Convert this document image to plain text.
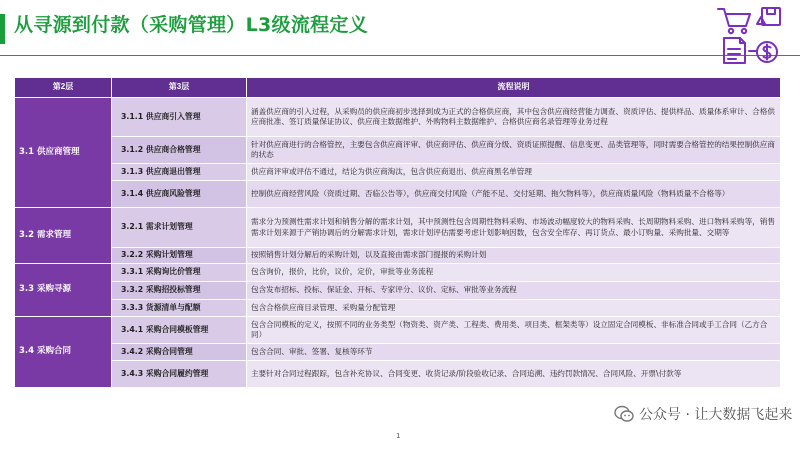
从寻源到付款（采购管理）L3级流程定义
第2层	第3层	流程说明
3.1 供应商管理	3.1.1 供应商引入管理	涵盖供应商的引入过程，从采购员的供应商初步选择到成为正式的合格供应商，其中包含供应商经营能力调查、资质评估、提供样品、质量体系审计、合格供应商批准、签订质量保证协议、供应商主数据维护、外购物料主数据维护、合格供应商名录管理等业务过程
	3.1.2 供应商合格管理	针对供应商进行的合格管控，主要包含供应商评审、供应商评估、供应商分级、资质证照提醒、信息变更、品类管理等，同时需要合格管控的结果控制供应商的状态
	3.1.3 供应商退出管理	供应商评审或评估不通过，结论为供应商淘汰，包含供应商退出、供应商黑名单管理
	3.1.4 供应商风险管理	控制供应商经营风险（资质过期、否临公告等），供应商交付风险（产能不足、交付延期、拖欠物料等），供应商质量风险（物料质量不合格等）
3.2 需求管理	3.2.1 需求计划管理	需求分为预测性需求计划和销售分解的需求计划，其中预测性包含周期性物料采购、市场波动幅度较大的物料采购、长周期物料采购、进口物料采购等，销售需求计划来源于产销协调后的分解需求计划，需求计划评估需要考虑计划影响因数，包含安全库存、再订货点、最小订购量、采购批量、交期等
	3.2.2 采购计划管理	按照销售计划分解后的采购计划，以及直接由需求部门提报的采购计划
3.3 采购寻源	3.3.1 采购询比价管理	包含询价，报价，比价，议价，定价，审批等业务流程
	3.3.2 采购招投标管理	包含发布招标、投标、保证金、开标、专家评分、议价、定标、审批等业务流程
	3.3.3 货源清单与配额	包含合格供应商目录管理、采购量分配管理
3.4 采购合同	3.4.1 采购合同模板管理	包含合同模板的定义，按照不同的业务类型（物资类、资产类、工程类、费用类、项目类、框架类等）设立固定合同模板、非标准合同或手工合同（乙方合同）
	3.4.2 采购合同管理	包含合同、审批、签署、复核等环节
	3.4.3 采购合同履约管理	主要针对合同过程跟踪，包含补充协议、合同变更、收货记录/阶段验收记录、合同追溯、违约罚款情况、合同风险、开票\付款等
公众号 · 让大数据飞起来
1
